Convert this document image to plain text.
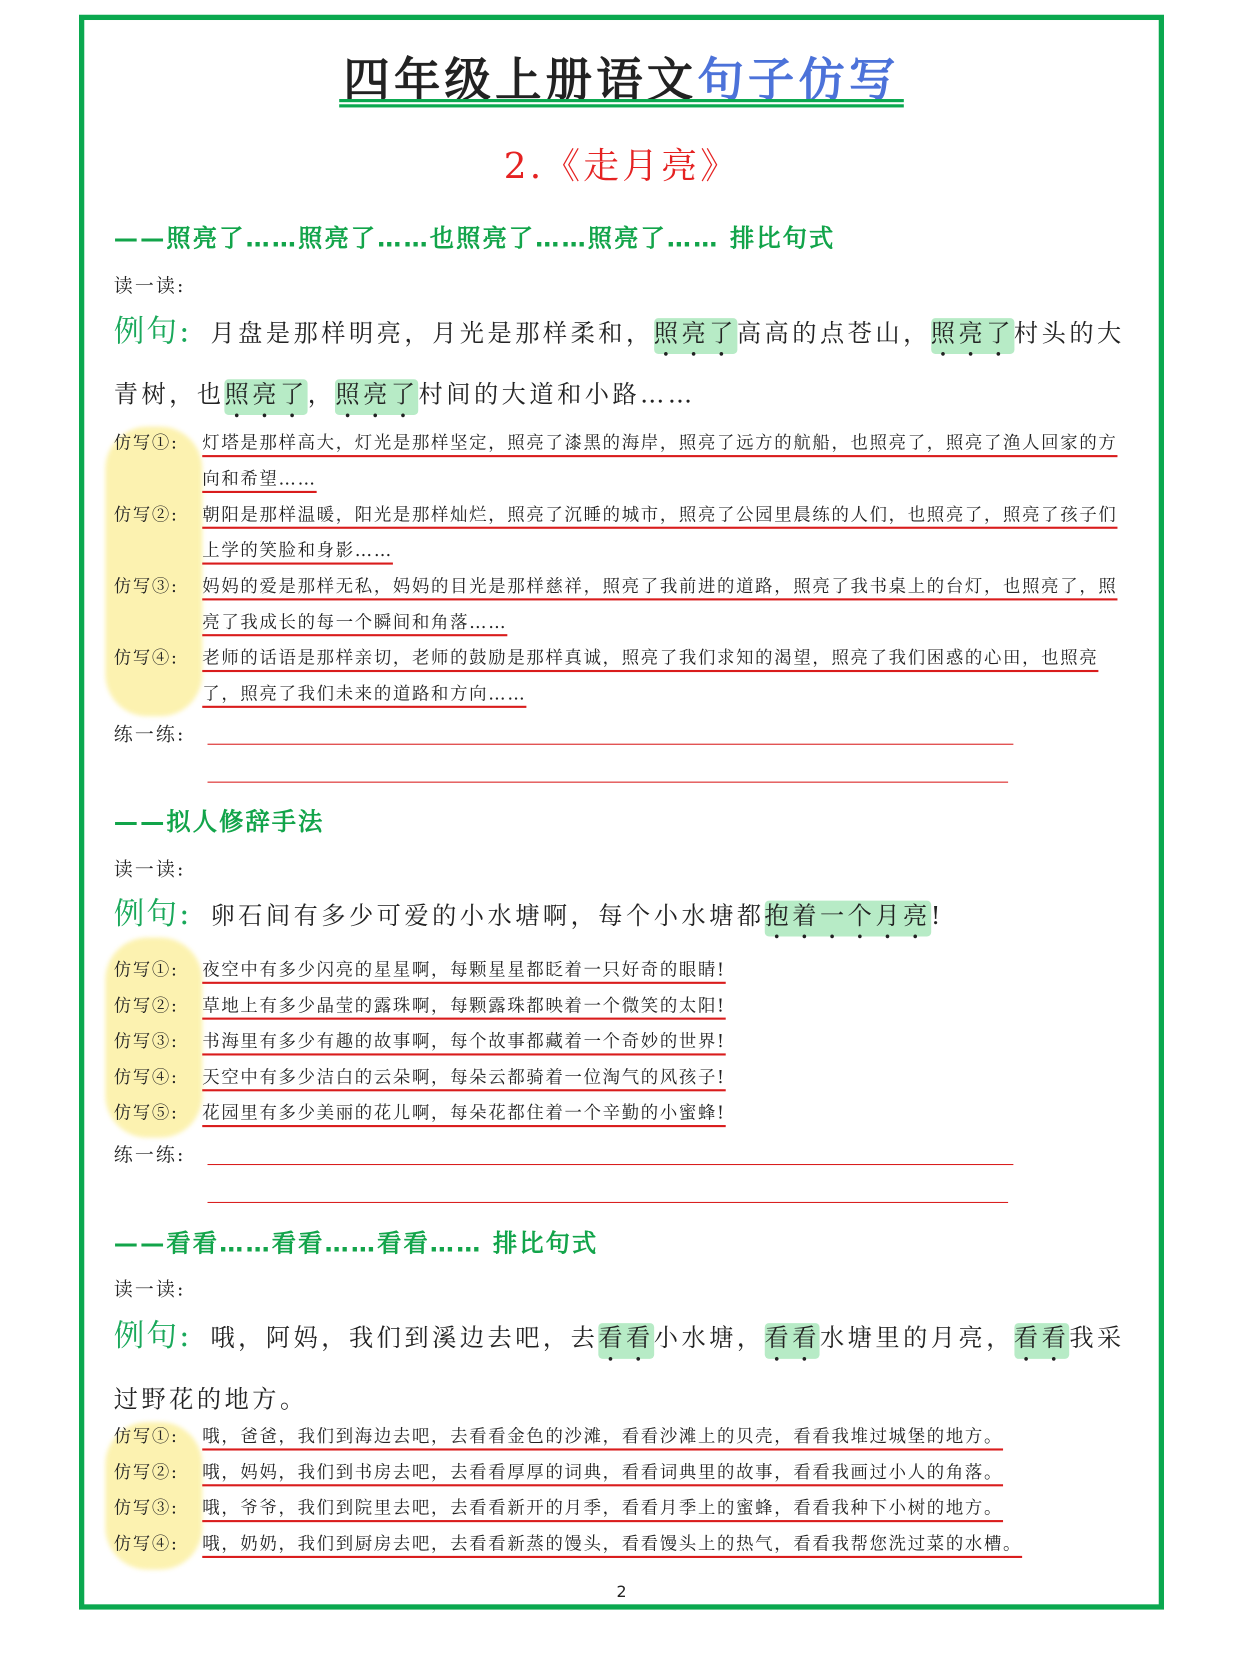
四年级上册语文句子仿写
2.《走月亮》
——照亮了……照亮了……也照亮了……照亮了…… 排比句式
读一读:
例句: 月盘是那样明亮，月光是那样柔和，照亮了高高的点苍山，照亮了村头的大青树，也照亮了，照亮了村间的大道和小路……
仿写①: 灯塔是那样高大，灯光是那样坚定，照亮了漆黑的海岸，照亮了远方的航船，也照亮了，照亮了渔人回家的方向和希望……
仿写②: 朝阳是那样温暖，阳光是那样灿烂，照亮了沉睡的城市，照亮了公园里晨练的人们，也照亮了，照亮了孩子们上学的笑脸和身影……
仿写③: 妈妈的爱是那样无私，妈妈的目光是那样慈祥，照亮了我前进的道路，照亮了我书桌上的台灯，也照亮了，照亮了我成长的每一个瞬间和角落……
仿写④: 老师的话语是那样亲切，老师的鼓励是那样真诚，照亮了我们求知的渴望，照亮了我们困惑的心田，也照亮了，照亮了我们未来的道路和方向……
练一练:
——拟人修辞手法
读一读:
例句: 卵石间有多少可爱的小水塘啊，每个小水塘都抱着一个月亮!
仿写①: 夜空中有多少闪亮的星星啊，每颗星星都眨着一只好奇的眼睛!
仿写②: 草地上有多少晶莹的露珠啊，每颗露珠都映着一个微笑的太阳!
仿写③: 书海里有多少有趣的故事啊，每个故事都藏着一个奇妙的世界!
仿写④: 天空中有多少洁白的云朵啊，每朵云都骑着一位淘气的风孩子!
仿写⑤: 花园里有多少美丽的花儿啊，每朵花都住着一个辛勤的小蜜蜂!
练一练:
——看看……看看……看看…… 排比句式
读一读:
例句: 哦，阿妈，我们到溪边去吧，去看看小水塘，看看水塘里的月亮，看看我采过野花的地方。
仿写①: 哦，爸爸，我们到海边去吧，去看看金色的沙滩，看看沙滩上的贝壳，看看我堆过城堡的地方。
仿写②: 哦，妈妈，我们到书房去吧，去看看厚厚的词典，看看词典里的故事，看看我画过小人的角落。
仿写③: 哦，爷爷，我们到院里去吧，去看看新开的月季，看看月季上的蜜蜂，看看我种下小树的地方。
仿写④: 哦，奶奶，我们到厨房去吧，去看看新蒸的馒头，看看馒头上的热气，看看我帮您洗过菜的水槽。
2
